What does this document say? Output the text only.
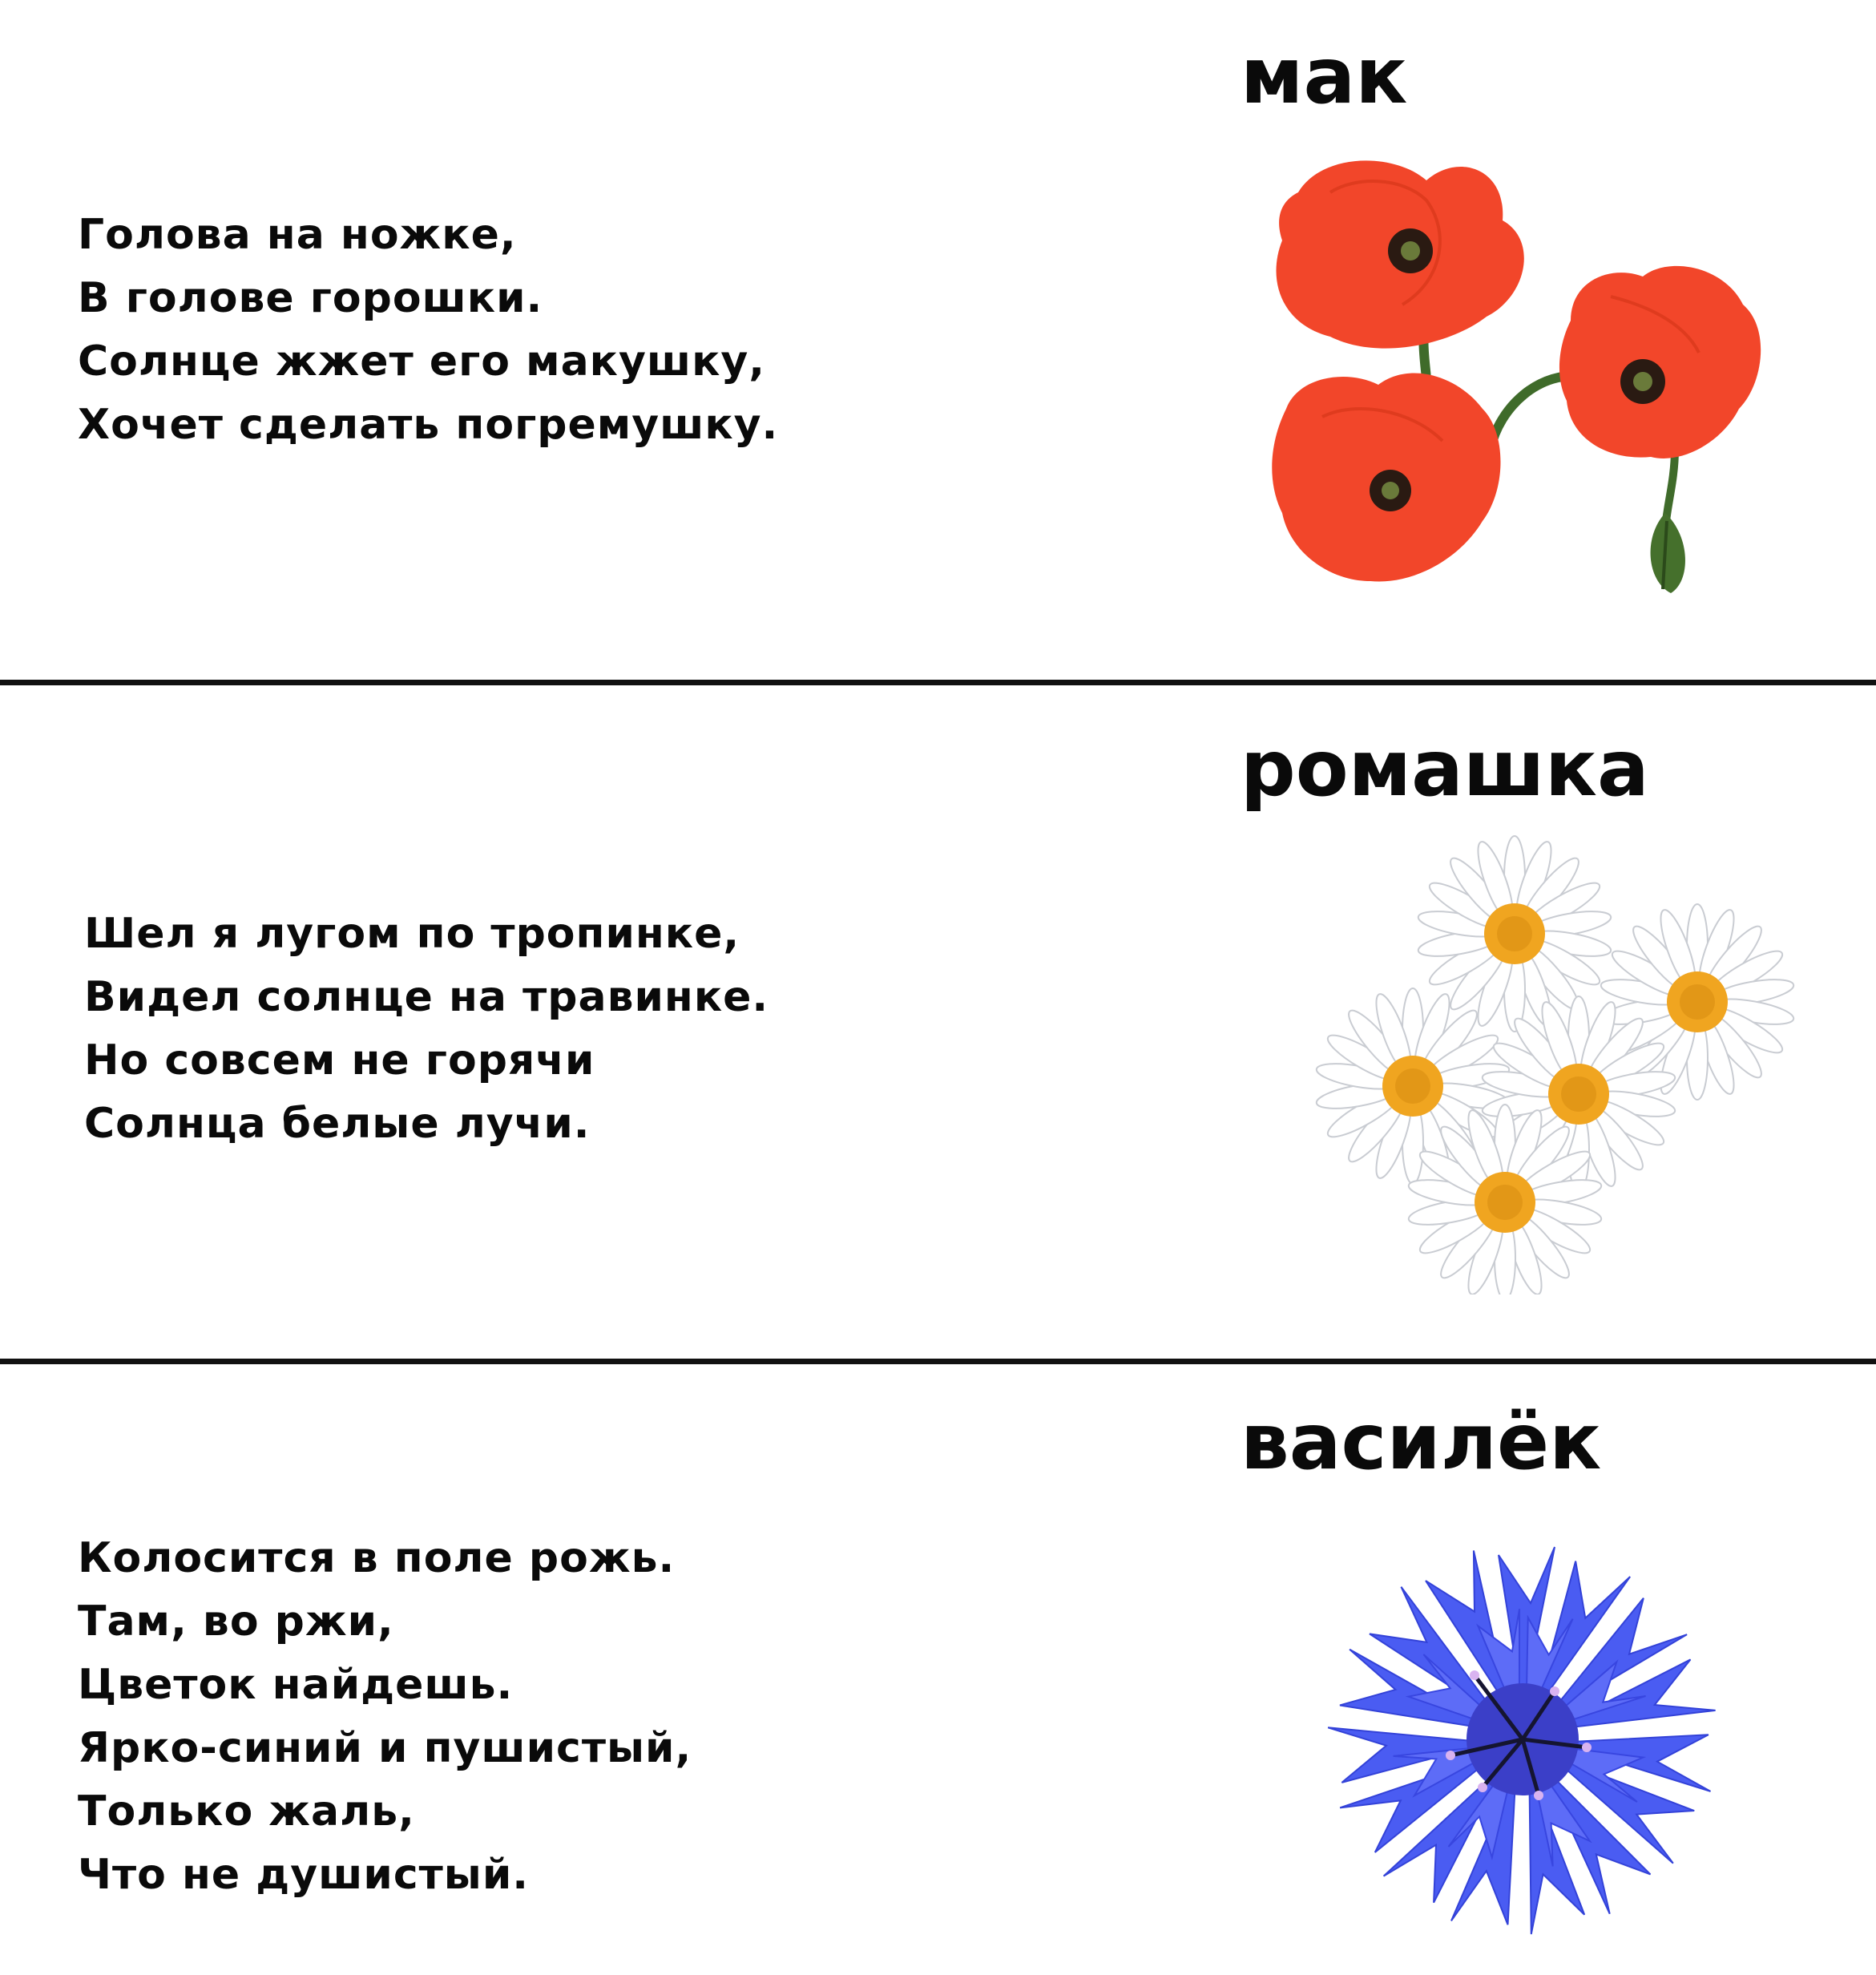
мак
Голова на ножке,
В голове горошки.
Солнце жжет его макушку,
Хочет сделать погремушку.
ромашка
Шел я лугом по тропинке,
Видел солнце на травинке.
Но совсем не горячи
Солнца белые лучи.
василёк
Колосится в поле рожь.
Там, во ржи,
Цветок найдешь.
Ярко-синий и пушистый,
Только жаль,
Что не душистый.
